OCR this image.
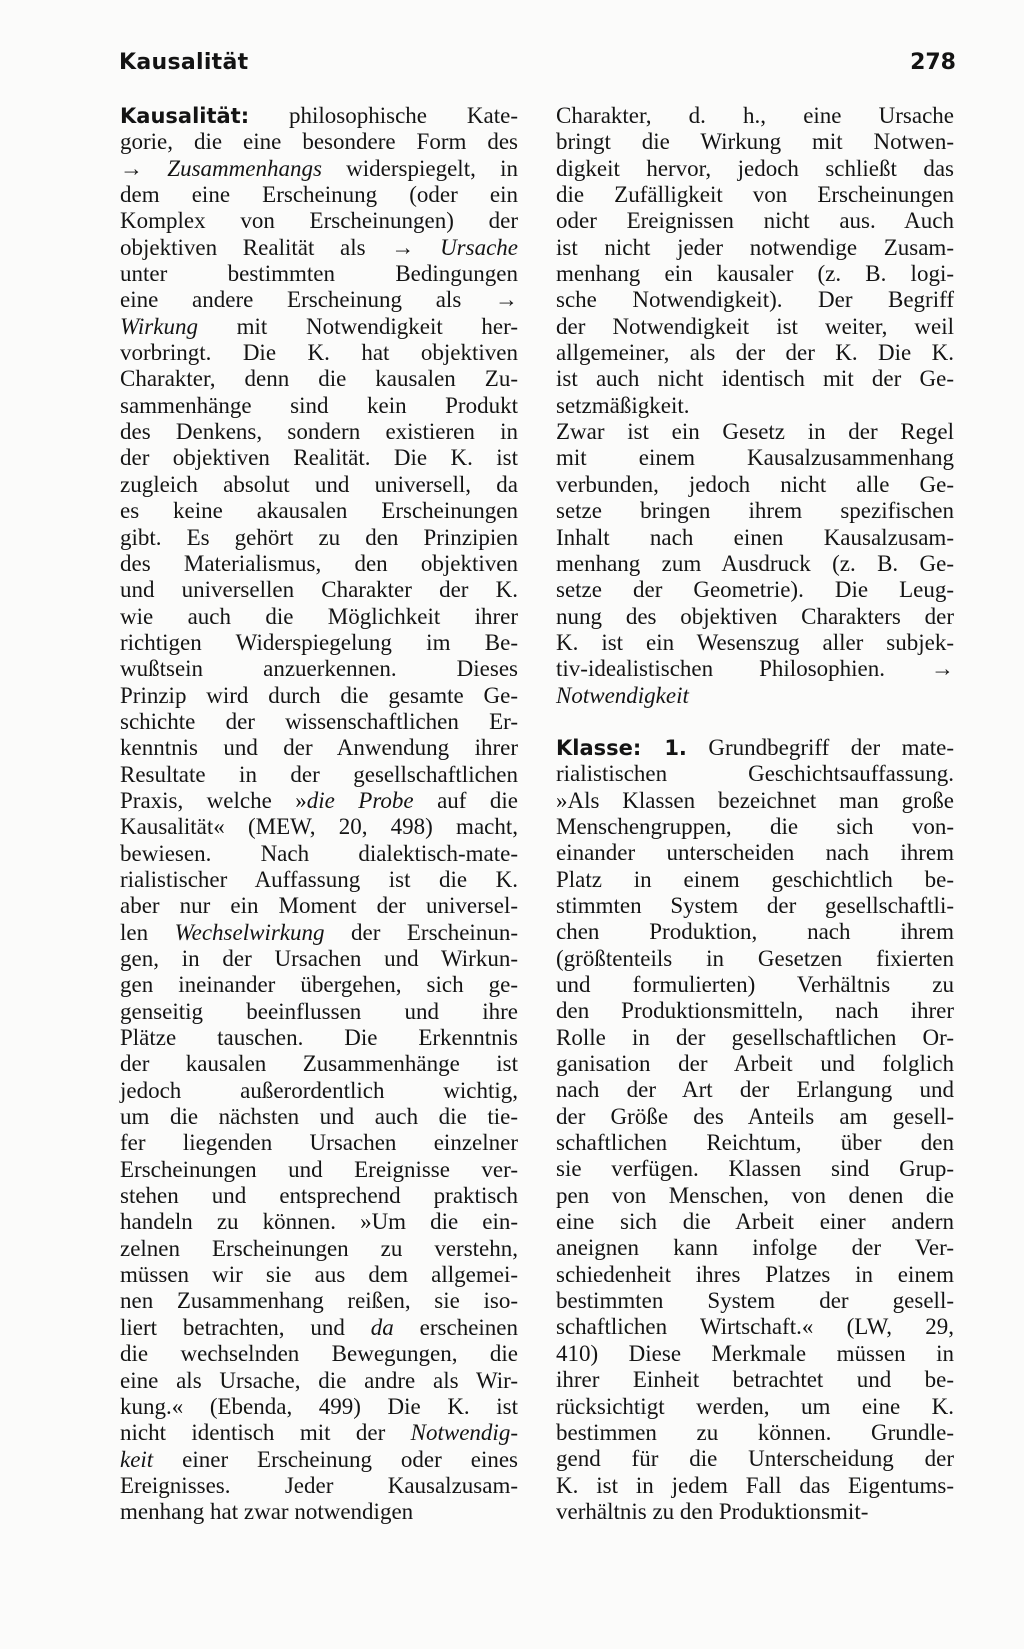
Kausalität	278
Kausalität: philosophische Kate-
gorie, die eine besondere Form des
→ Zusammenhangs widerspiegelt, in
dem eine Erscheinung (oder ein
Komplex von Erscheinungen) der
objektiven Realität als → Ursache
unter bestimmten Bedingungen
eine andere Erscheinung als →
Wirkung mit Notwendigkeit her-
vorbringt. Die K. hat objektiven
Charakter, denn die kausalen Zu-
sammenhänge sind kein Produkt
des Denkens, sondern existieren in
der objektiven Realität. Die K. ist
zugleich absolut und universell, da
es keine akausalen Erscheinungen
gibt. Es gehört zu den Prinzipien
des Materialismus, den objektiven
und universellen Charakter der K.
wie auch die Möglichkeit ihrer
richtigen Widerspiegelung im Be-
wußtsein anzuerkennen. Dieses
Prinzip wird durch die gesamte Ge-
schichte der wissenschaftlichen Er-
kenntnis und der Anwendung ihrer
Resultate in der gesellschaftlichen
Praxis, welche »die Probe auf die
Kausalität« (MEW, 20, 498) macht,
bewiesen. Nach dialektisch-mate-
rialistischer Auffassung ist die K.
aber nur ein Moment der universel-
len Wechselwirkung der Erscheinun-
gen, in der Ursachen und Wirkun-
gen ineinander übergehen, sich ge-
genseitig beeinflussen und ihre
Plätze tauschen. Die Erkenntnis
der kausalen Zusammenhänge ist
jedoch außerordentlich wichtig,
um die nächsten und auch die tie-
fer liegenden Ursachen einzelner
Erscheinungen und Ereignisse ver-
stehen und entsprechend praktisch
handeln zu können. »Um die ein-
zelnen Erscheinungen zu verstehn,
müssen wir sie aus dem allgemei-
nen Zusammenhang reißen, sie iso-
liert betrachten, und da erscheinen
die wechselnden Bewegungen, die
eine als Ursache, die andre als Wir-
kung.« (Ebenda, 499) Die K. ist
nicht identisch mit der Notwendig-
keit einer Erscheinung oder eines
Ereignisses. Jeder Kausalzusam-
menhang hat zwar notwendigen
Charakter, d. h., eine Ursache
bringt die Wirkung mit Notwen-
digkeit hervor, jedoch schließt das
die Zufälligkeit von Erscheinungen
oder Ereignissen nicht aus. Auch
ist nicht jeder notwendige Zusam-
menhang ein kausaler (z. B. logi-
sche Notwendigkeit). Der Begriff
der Notwendigkeit ist weiter, weil
allgemeiner, als der der K. Die K.
ist auch nicht identisch mit der Ge-
setzmäßigkeit.
Zwar ist ein Gesetz in der Regel
mit einem Kausalzusammenhang
verbunden, jedoch nicht alle Ge-
setze bringen ihrem spezifischen
Inhalt nach einen Kausalzusam-
menhang zum Ausdruck (z. B. Ge-
setze der Geometrie). Die Leug-
nung des objektiven Charakters der
K. ist ein Wesenszug aller subjek-
tiv-idealistischen Philosophien. →
Notwendigkeit
Klasse: 1. Grundbegriff der mate-
rialistischen Geschichtsauffassung.
»Als Klassen bezeichnet man große
Menschengruppen, die sich von-
einander unterscheiden nach ihrem
Platz in einem geschichtlich be-
stimmten System der gesellschaftli-
chen Produktion, nach ihrem
(größtenteils in Gesetzen fixierten
und formulierten) Verhältnis zu
den Produktionsmitteln, nach ihrer
Rolle in der gesellschaftlichen Or-
ganisation der Arbeit und folglich
nach der Art der Erlangung und
der Größe des Anteils am gesell-
schaftlichen Reichtum, über den
sie verfügen. Klassen sind Grup-
pen von Menschen, von denen die
eine sich die Arbeit einer andern
aneignen kann infolge der Ver-
schiedenheit ihres Platzes in einem
bestimmten System der gesell-
schaftlichen Wirtschaft.« (LW, 29,
410) Diese Merkmale müssen in
ihrer Einheit betrachtet und be-
rücksichtigt werden, um eine K.
bestimmen zu können. Grundle-
gend für die Unterscheidung der
K. ist in jedem Fall das Eigentums-
verhältnis zu den Produktionsmit-
